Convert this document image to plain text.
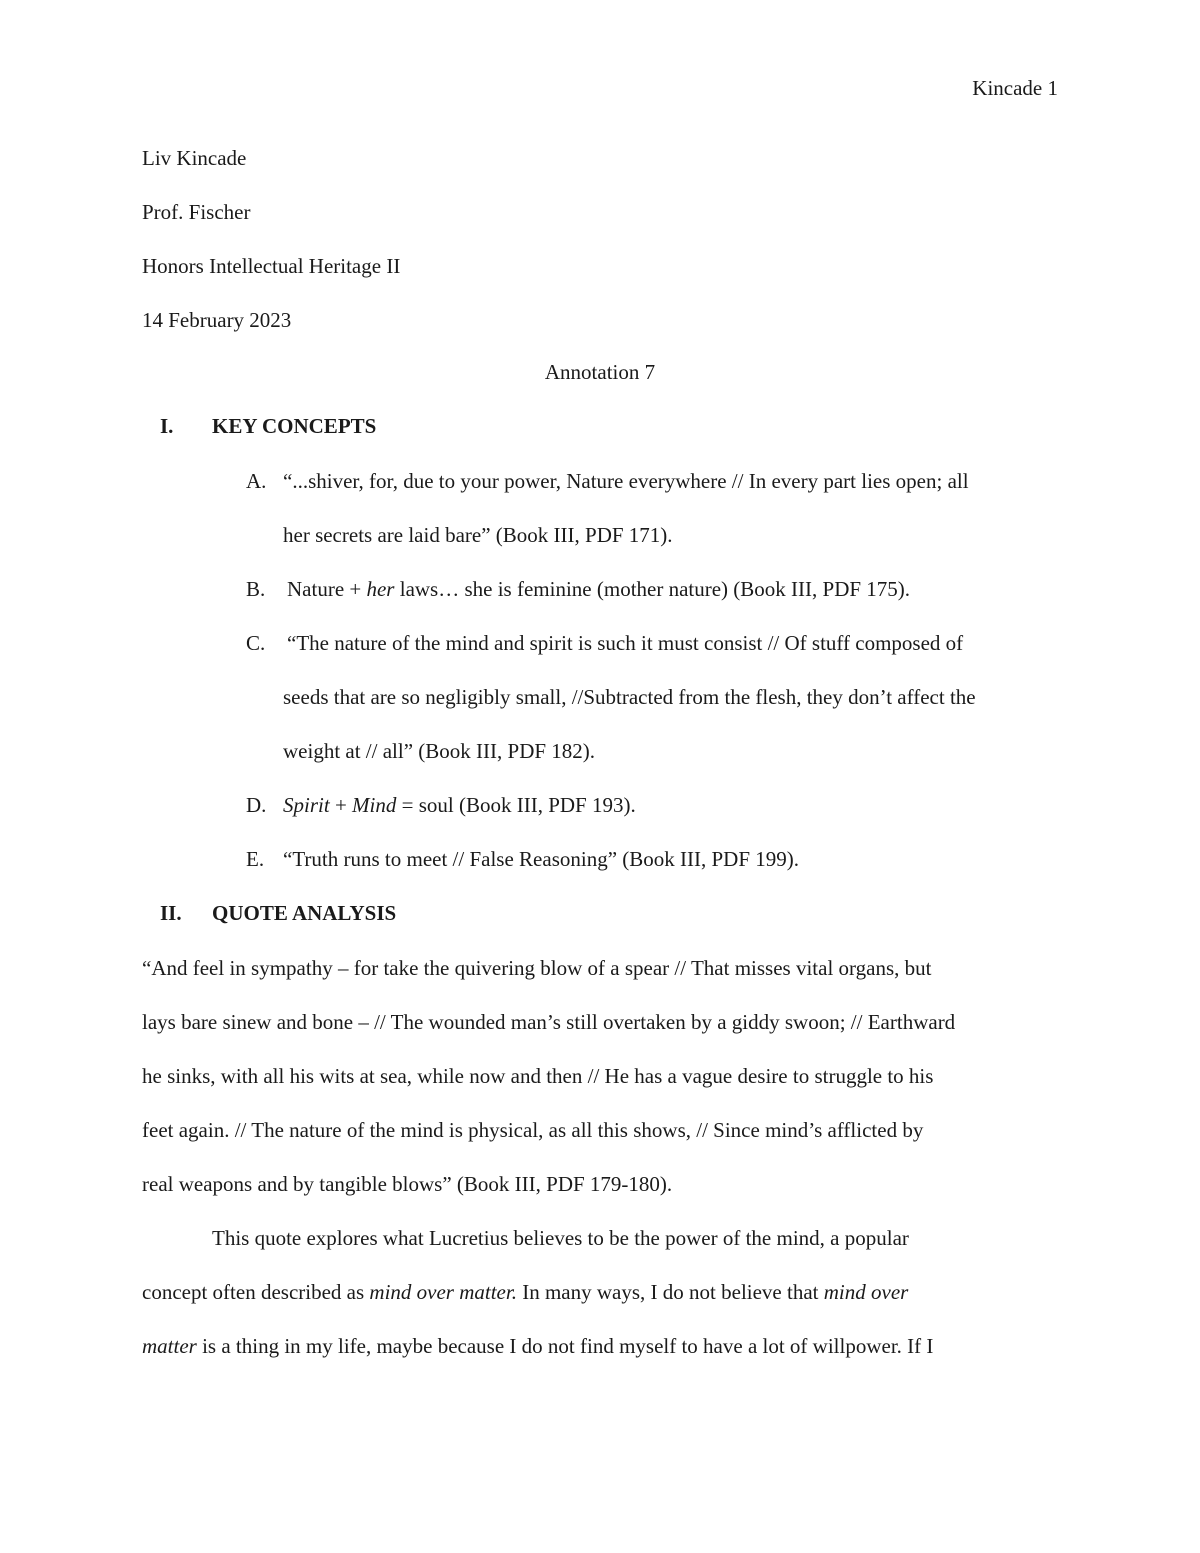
Kincade 1
Liv Kincade
Prof. Fischer
Honors Intellectual Heritage II
14 February 2023
Annotation 7
I. KEY CONCEPTS
A. “...shiver, for, due to your power, Nature everywhere // In every part lies open; all
her secrets are laid bare” (Book III, PDF 171).
B. Nature + her laws… she is feminine (mother nature) (Book III, PDF 175).
C. “The nature of the mind and spirit is such it must consist // Of stuff composed of
seeds that are so negligibly small, //Subtracted from the flesh, they don’t affect the
weight at // all” (Book III, PDF 182).
D. Spirit + Mind = soul (Book III, PDF 193).
E. “Truth runs to meet // False Reasoning” (Book III, PDF 199).
II. QUOTE ANALYSIS
“And feel in sympathy – for take the quivering blow of a spear // That misses vital organs, but
lays bare sinew and bone – // The wounded man’s still overtaken by a giddy swoon; // Earthward
he sinks, with all his wits at sea, while now and then // He has a vague desire to struggle to his
feet again. // The nature of the mind is physical, as all this shows, // Since mind’s afflicted by
real weapons and by tangible blows” (Book III, PDF 179-180).
This quote explores what Lucretius believes to be the power of the mind, a popular
concept often described as mind over matter. In many ways, I do not believe that mind over
matter is a thing in my life, maybe because I do not find myself to have a lot of willpower. If I
